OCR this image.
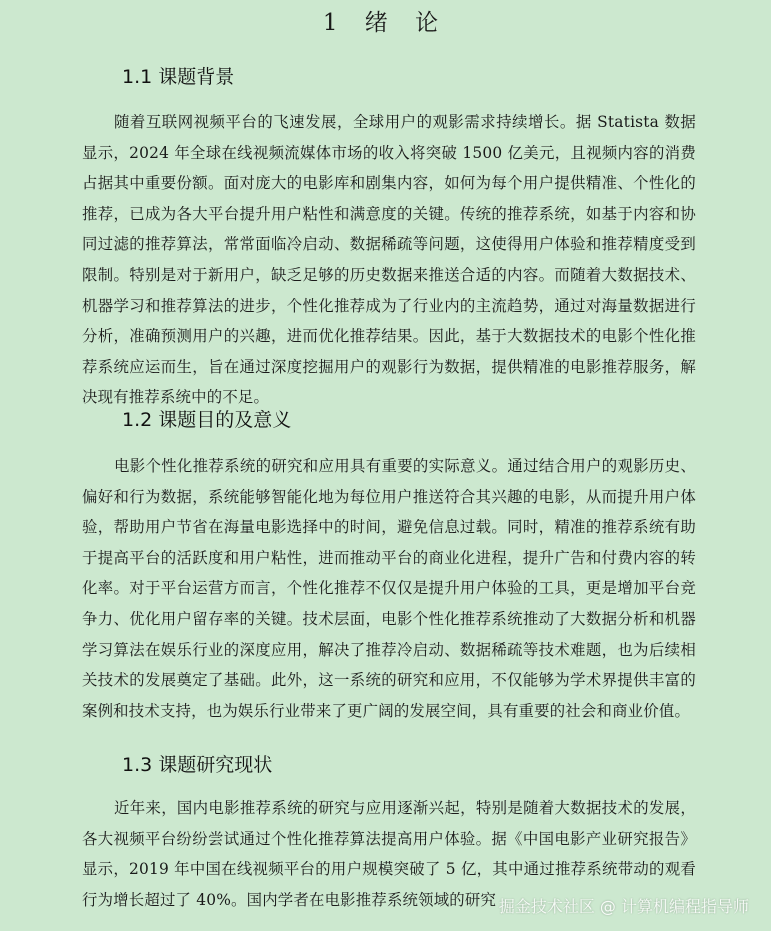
1 绪 论
1.1 课题背景

随着互联网视频平台的飞速发展，全球用户的观影需求持续增长。据 Statista 数据显示，2024 年全球在线视频流媒体市场的收入将突破 1500 亿美元，且视频内容的消费占据其中重要份额。面对庞大的电影库和剧集内容，如何为每个用户提供精准、个性化的推荐，已成为各大平台提升用户粘性和满意度的关键。传统的推荐系统，如基于内容和协同过滤的推荐算法，常常面临冷启动、数据稀疏等问题，这使得用户体验和推荐精度受到限制。特别是对于新用户，缺乏足够的历史数据来推送合适的内容。而随着大数据技术、机器学习和推荐算法的进步，个性化推荐成为了行业内的主流趋势，通过对海量数据进行分析，准确预测用户的兴趣，进而优化推荐结果。因此，基于大数据技术的电影个性化推荐系统应运而生，旨在通过深度挖掘用户的观影行为数据，提供精准的电影推荐服务，解决现有推荐系统中的不足。

1.2 课题目的及意义

电影个性化推荐系统的研究和应用具有重要的实际意义。通过结合用户的观影历史、偏好和行为数据，系统能够智能化地为每位用户推送符合其兴趣的电影，从而提升用户体验，帮助用户节省在海量电影选择中的时间，避免信息过载。同时，精准的推荐系统有助于提高平台的活跃度和用户粘性，进而推动平台的商业化进程，提升广告和付费内容的转化率。对于平台运营方而言，个性化推荐不仅仅是提升用户体验的工具，更是增加平台竞争力、优化用户留存率的关键。技术层面，电影个性化推荐系统推动了大数据分析和机器学习算法在娱乐行业的深度应用，解决了推荐冷启动、数据稀疏等技术难题，也为后续相关技术的发展奠定了基础。此外，这一系统的研究和应用，不仅能够为学术界提供丰富的案例和技术支持，也为娱乐行业带来了更广阔的发展空间，具有重要的社会和商业价值。

1.3 课题研究现状

近年来，国内电影推荐系统的研究与应用逐渐兴起，特别是随着大数据技术的发展，各大视频平台纷纷尝试通过个性化推荐算法提高用户体验。据《中国电影产业研究报告》显示，2019 年中国在线视频平台的用户规模突破了 5 亿，其中通过推荐系统带动的观看行为增长超过了 40%。国内学者在电影推荐系统领域的研究 掘金技术社区 @ 计算机编程指导师
